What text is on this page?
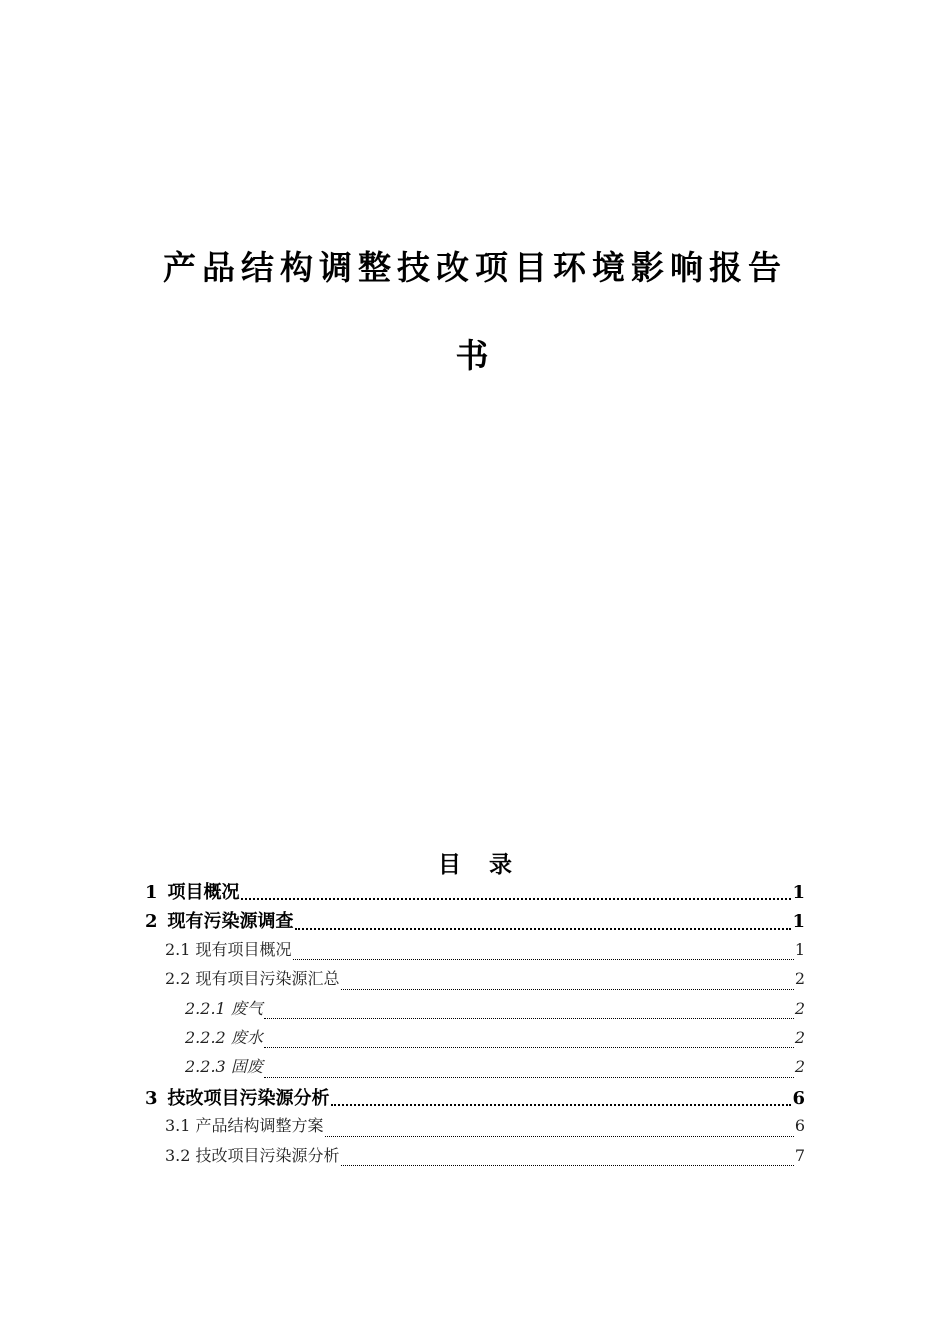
产品结构调整技改项目环境影响报告

书

目录
1 项目概况	1
2 现有污染源调查	1
2.1 现有项目概况	1
2.2 现有项目污染源汇总	2
2.2.1 废气	2
2.2.2 废水	2
2.2.3 固废	2
3 技改项目污染源分析	6
3.1 产品结构调整方案	6
3.2 技改项目污染源分析	7
